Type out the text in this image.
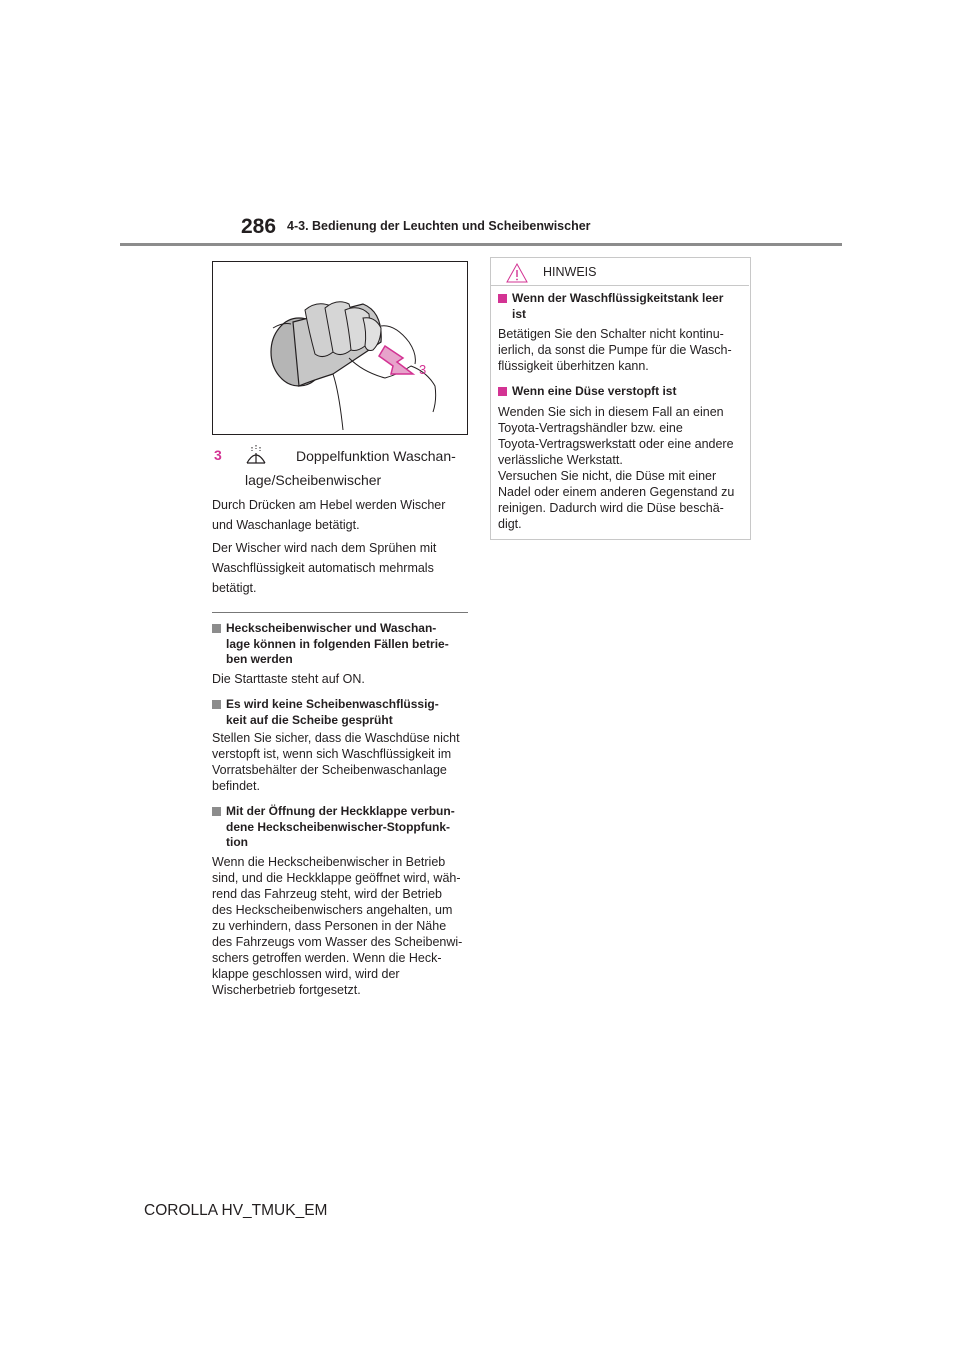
286 4-3. Bedienung der Leuchten und Scheibenwischer
3
3	Doppelfunktion Waschan-
lage/Scheibenwischer
Durch Drücken am Hebel werden Wischer
und Waschanlage betätigt.
Der Wischer wird nach dem Sprühen mit
Waschflüssigkeit automatisch mehrmals
betätigt.
Heckscheibenwischer und Waschan-
lage können in folgenden Fällen betrie-
ben werden
Die Starttaste steht auf ON.
Es wird keine Scheibenwaschflüssig-
keit auf die Scheibe gesprüht
Stellen Sie sicher, dass die Waschdüse nicht
verstopft ist, wenn sich Waschflüssigkeit im
Vorratsbehälter der Scheibenwaschanlage
befindet.
Mit der Öffnung der Heckklappe verbun-
dene Heckscheibenwischer-Stoppfunk-
tion
Wenn die Heckscheibenwischer in Betrieb
sind, und die Heckklappe geöffnet wird, wäh-
rend das Fahrzeug steht, wird der Betrieb
des Heckscheibenwischers angehalten, um
zu verhindern, dass Personen in der Nähe
des Fahrzeugs vom Wasser des Scheibenwi-
schers getroffen werden. Wenn die Heck-
klappe geschlossen wird, wird der
Wischerbetrieb fortgesetzt.
HINWEIS
Wenn der Waschflüssigkeitstank leer
ist
Betätigen Sie den Schalter nicht kontinu-
ierlich, da sonst die Pumpe für die Wasch-
flüssigkeit überhitzen kann.
Wenn eine Düse verstopft ist
Wenden Sie sich in diesem Fall an einen
Toyota-Vertragshändler bzw. eine
Toyota-Vertragswerkstatt oder eine andere
verlässliche Werkstatt.
Versuchen Sie nicht, die Düse mit einer
Nadel oder einem anderen Gegenstand zu
reinigen. Dadurch wird die Düse beschä-
digt.
COROLLA HV_TMUK_EM
